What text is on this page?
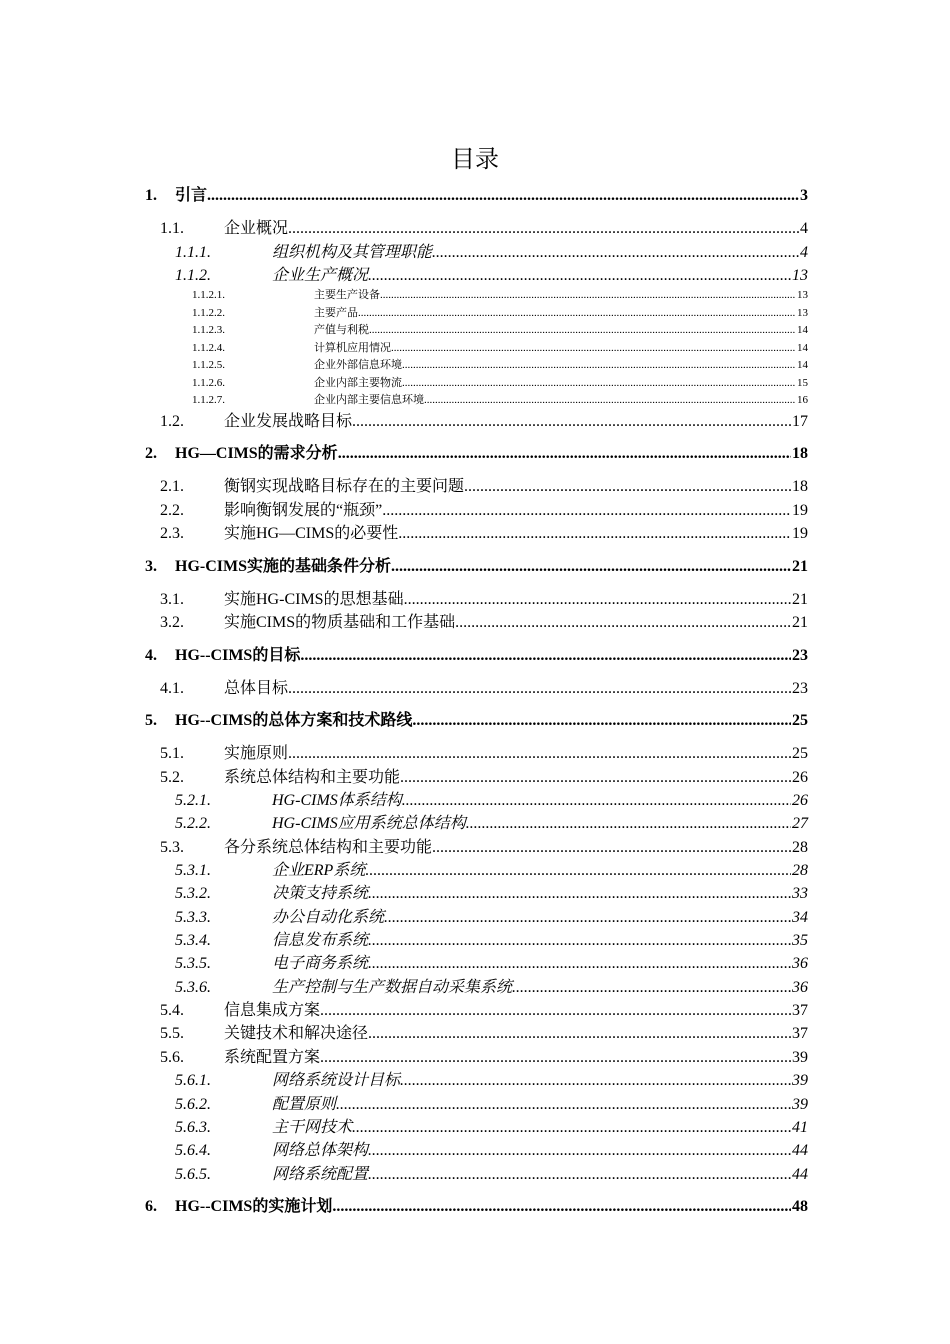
目录
1.	引言 .....	3
1.1.	企业概况 .....	4
1.1.1.	组织机构及其管理职能 .....	4
1.1.2.	企业生产概况 .....	13
1.1.2.1.	主要生产设备 .....	13
1.1.2.2.	主要产品 .....	13
1.1.2.3.	产值与利税 .....	14
1.1.2.4.	计算机应用情况 .....	14
1.1.2.5.	企业外部信息环境 .....	14
1.1.2.6.	企业内部主要物流 .....	15
1.1.2.7.	企业内部主要信息环境 .....	16
1.2.	企业发展战略目标 .....	17
2.	HG—CIMS的需求分析 .....	18
2.1.	衡钢实现战略目标存在的主要问题 .....	18
2.2.	影响衡钢发展的“瓶颈” .....	19
2.3.	实施HG—CIMS的必要性 .....	19
3.	HG-CIMS实施的基础条件分析 .....	21
3.1.	实施HG-CIMS的思想基础 .....	21
3.2.	实施CIMS的物质基础和工作基础 .....	21
4.	HG--CIMS的目标 .....	23
4.1.	总体目标 .....	23
5.	HG--CIMS的总体方案和技术路线 .....	25
5.1.	实施原则 .....	25
5.2.	系统总体结构和主要功能 .....	26
5.2.1.	HG-CIMS体系结构 .....	26
5.2.2.	HG-CIMS应用系统总体结构 .....	27
5.3.	各分系统总体结构和主要功能 .....	28
5.3.1.	企业ERP系统 .....	28
5.3.2.	决策支持系统 .....	33
5.3.3.	办公自动化系统 .....	34
5.3.4.	信息发布系统 .....	35
5.3.5.	电子商务系统 .....	36
5.3.6.	生产控制与生产数据自动采集系统 .....	36
5.4.	信息集成方案 .....	37
5.5.	关键技术和解决途径 .....	37
5.6.	系统配置方案 .....	39
5.6.1.	网络系统设计目标 .....	39
5.6.2.	配置原则 .....	39
5.6.3.	主干网技术 .....	41
5.6.4.	网络总体架构 .....	44
5.6.5.	网络系统配置 .....	44
6.	HG--CIMS的实施计划 .....	48
